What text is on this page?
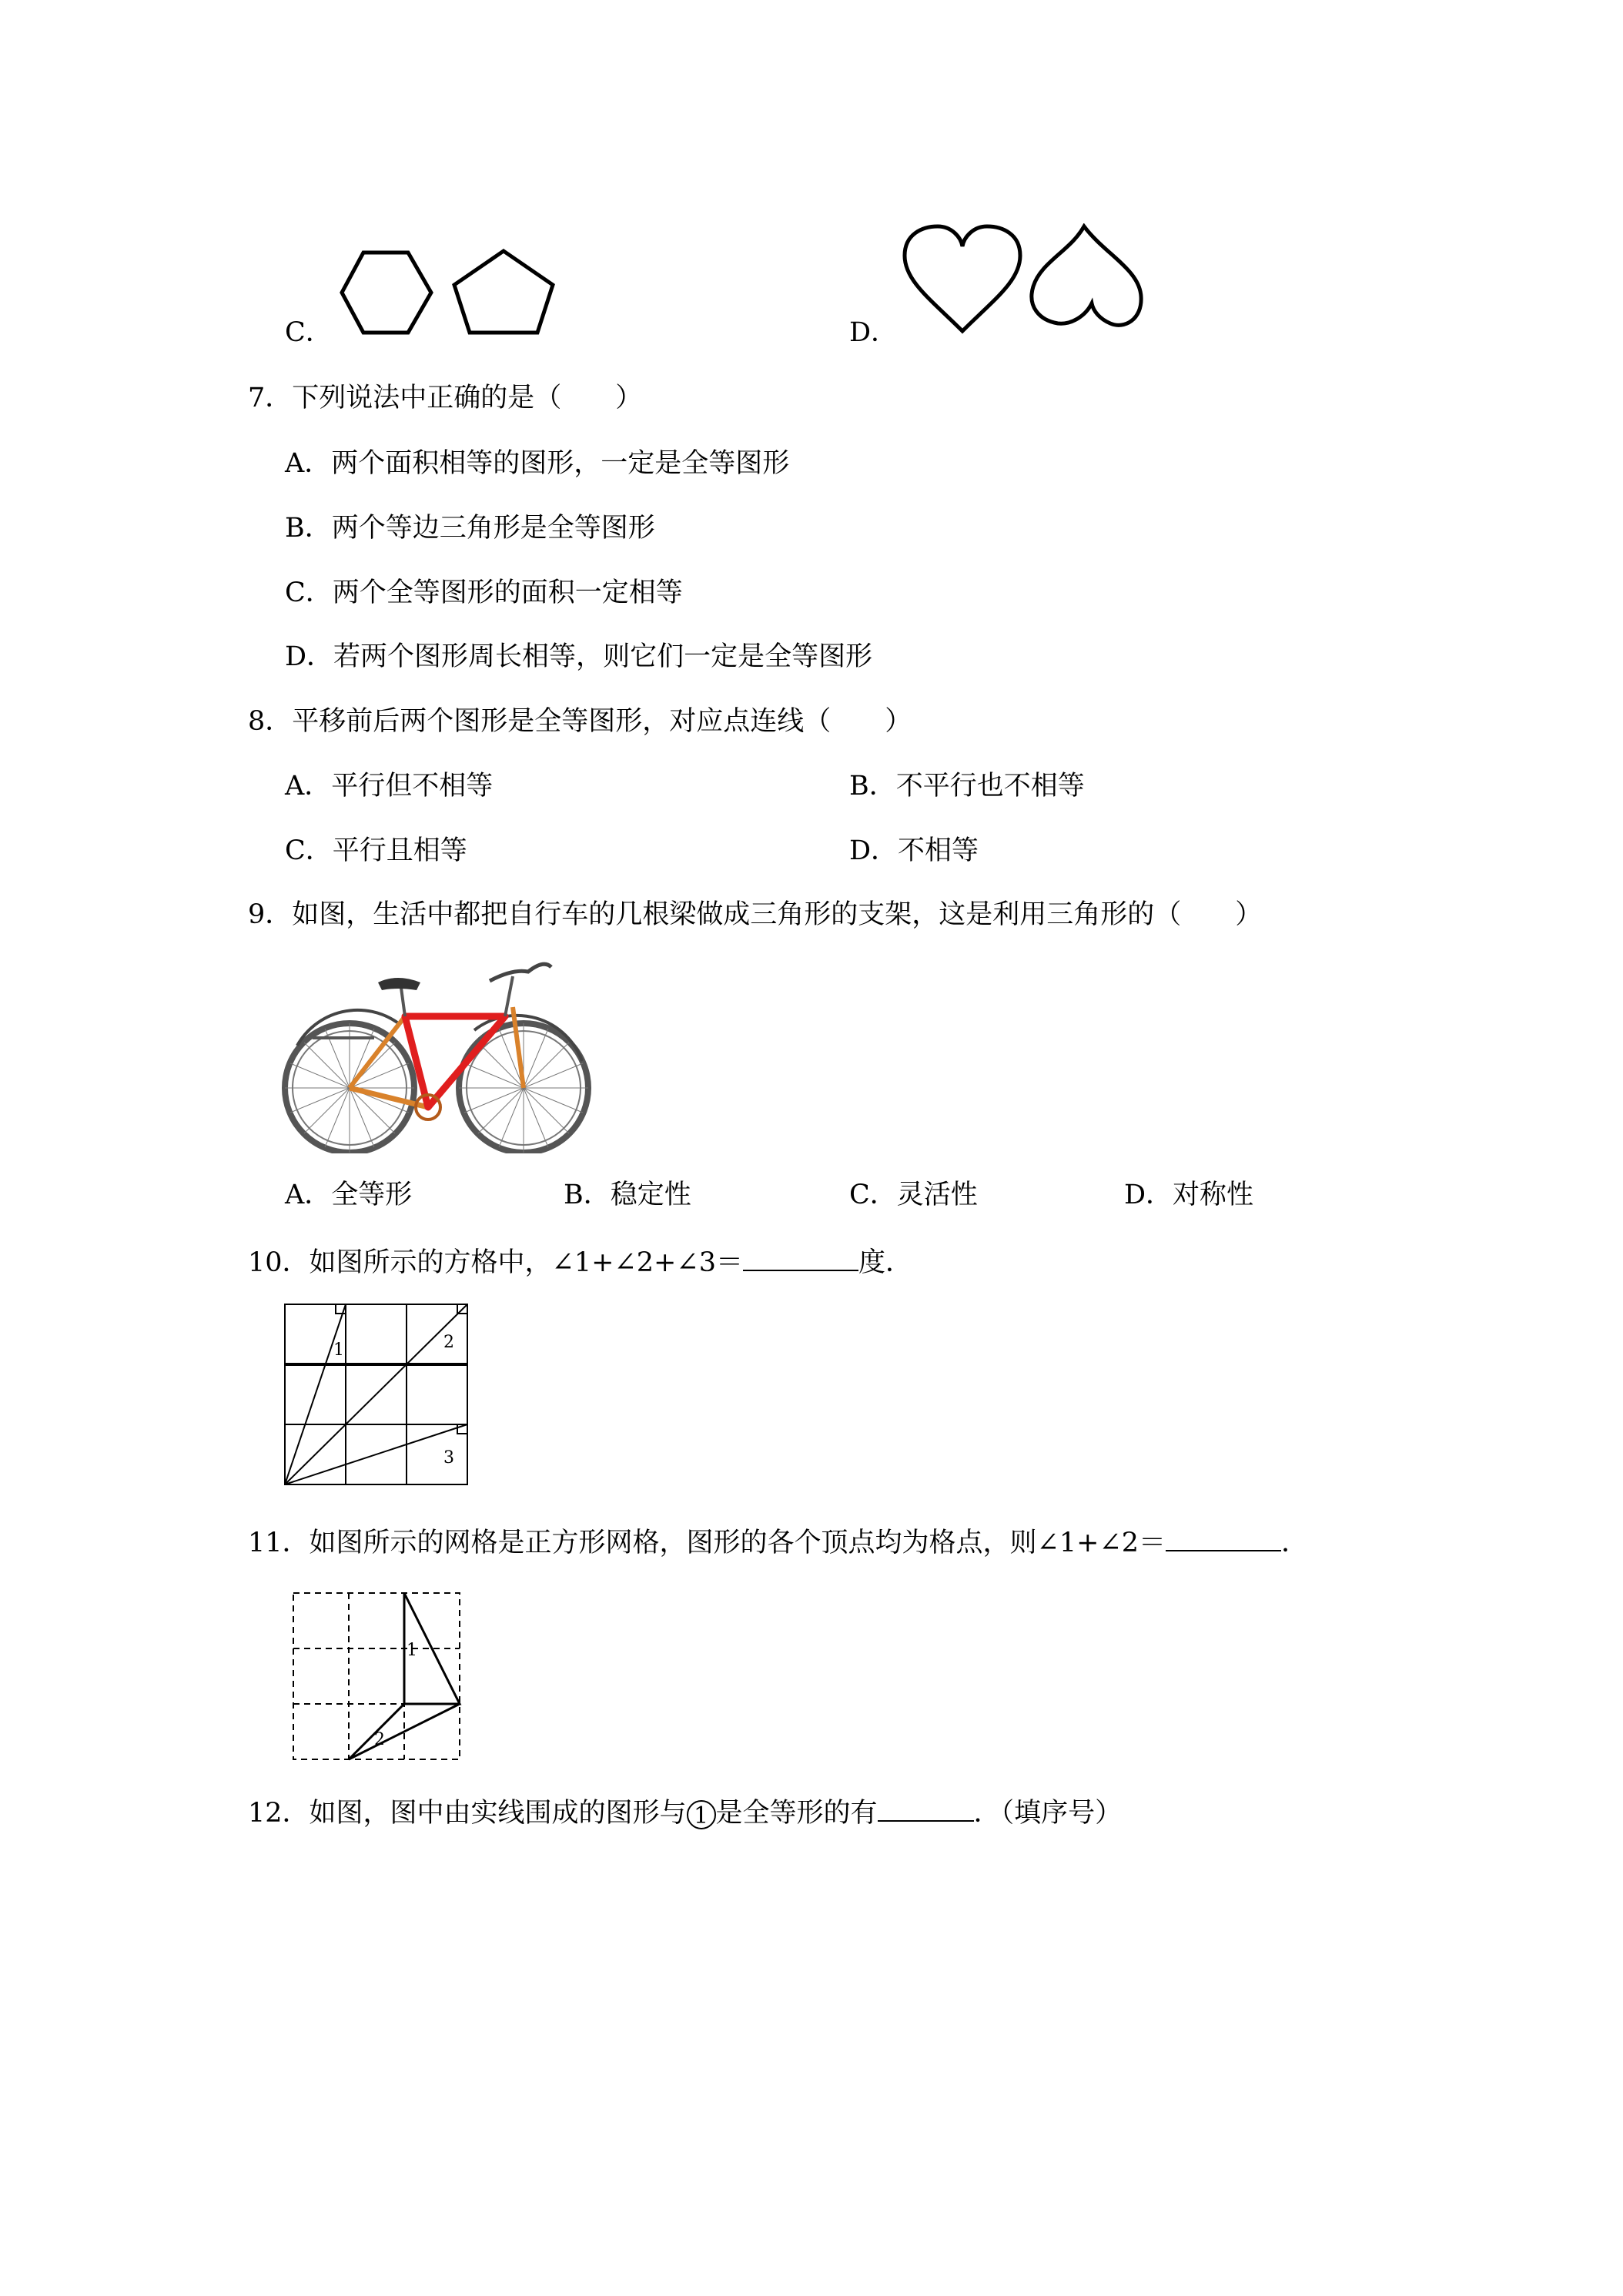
C．	D．
7．下列说法中正确的是（　　）
A．两个面积相等的图形，一定是全等图形
B．两个等边三角形是全等图形
C．两个全等图形的面积一定相等
D．若两个图形周长相等，则它们一定是全等图形
8．平移前后两个图形是全等图形，对应点连线（　　）
A．平行但不相等	B．不平行也不相等
C．平行且相等	D．不相等
9．如图，生活中都把自行车的几根梁做成三角形的支架，这是利用三角形的（　　）
A．全等形	B．稳定性	C．灵活性	D．对称性
10．如图所示的方格中，∠1+∠2+∠3＝	度．
1	2
3
11．如图所示的网格是正方形网格，图形的各个顶点均为格点，则∠1+∠2＝	．
1
2
12．如图，图中由实线围成的图形与 1 是全等形的有	．（填序号）
